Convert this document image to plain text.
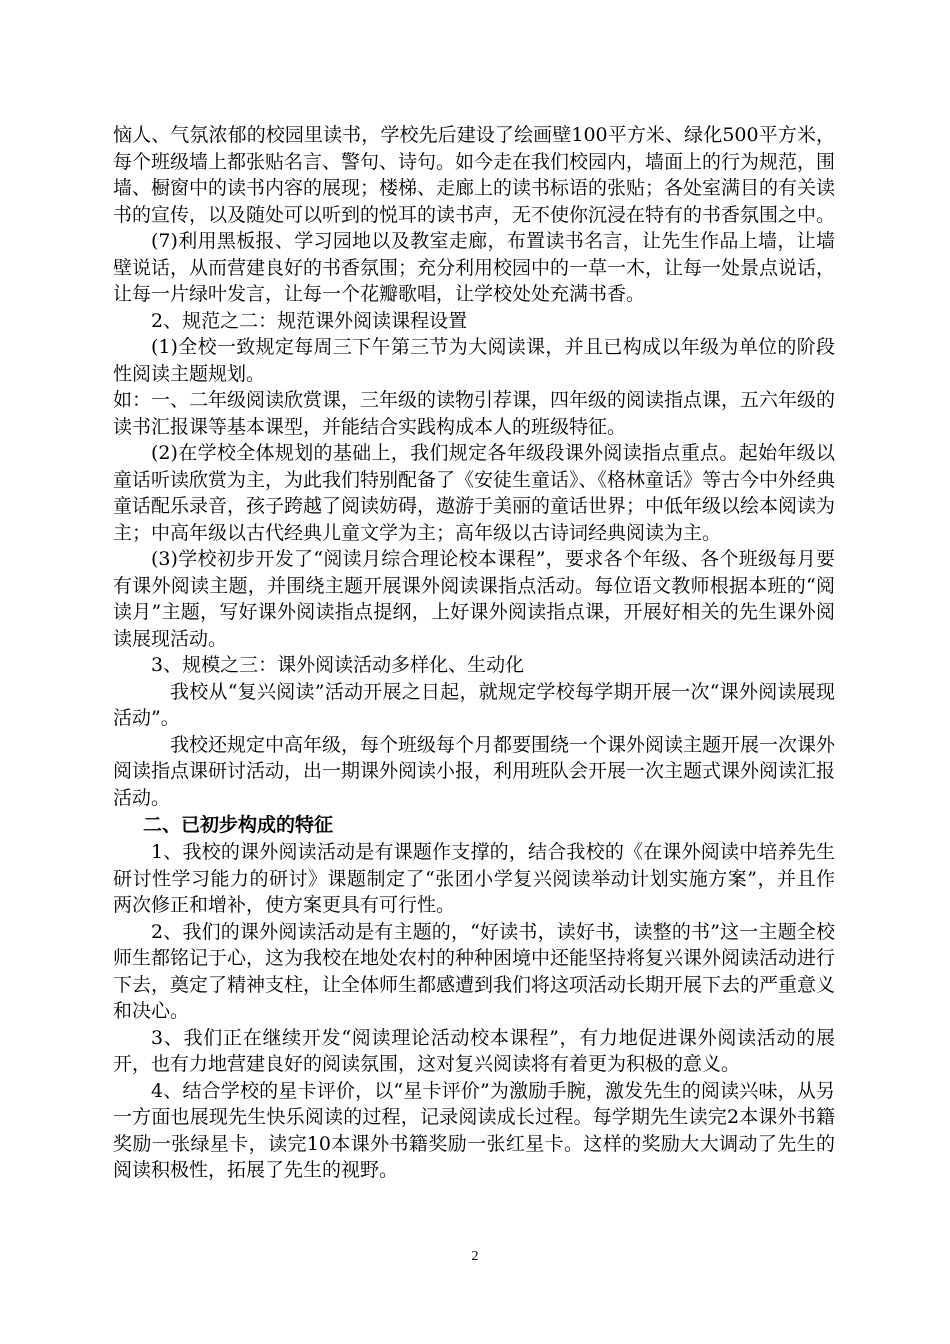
恼人、气氛浓郁的校园里读书，学校先后建设了绘画壁100平方米、绿化500平方米，每个班级墙上都张贴名言、警句、诗句。如今走在我们校园内，墙面上的行为规范，围墙、橱窗中的读书内容的展现；楼梯、走廊上的读书标语的张贴；各处室满目的有关读书的宣传，以及随处可以听到的悦耳的读书声，无不使你沉浸在特有的书香氛围之中。

(7)利用黑板报、学习园地以及教室走廊，布置读书名言，让先生作品上墙，让墙壁说话，从而营建良好的书香氛围；充分利用校园中的一草一木，让每一处景点说话，让每一片绿叶发言，让每一个花瓣歌唱，让学校处处充满书香。

2、规范之二：规范课外阅读课程设置

(1)全校一致规定每周三下午第三节为大阅读课，并且已构成以年级为单位的阶段性阅读主题规划。

如：一、二年级阅读欣赏课，三年级的读物引荐课，四年级的阅读指点课，五六年级的读书汇报课等基本课型，并能结合实践构成本人的班级特征。

(2)在学校全体规划的基础上，我们规定各年级段课外阅读指点重点。起始年级以童话听读欣赏为主，为此我们特别配备了《安徒生童话》、《格林童话》等古今中外经典童话配乐录音，孩子跨越了阅读妨碍，遨游于美丽的童话世界；中低年级以绘本阅读为主；中高年级以古代经典儿童文学为主；高年级以古诗词经典阅读为主。

(3)学校初步开发了“阅读月综合理论校本课程”，要求各个年级、各个班级每月要有课外阅读主题，并围绕主题开展课外阅读课指点活动。每位语文教师根据本班的“阅读月”主题，写好课外阅读指点提纲，上好课外阅读指点课，开展好相关的先生课外阅读展现活动。

3、规模之三：课外阅读活动多样化、生动化

我校从“复兴阅读”活动开展之日起，就规定学校每学期开展一次“课外阅读展现活动”。

我校还规定中高年级，每个班级每个月都要围绕一个课外阅读主题开展一次课外阅读指点课研讨活动，出一期课外阅读小报，利用班队会开展一次主题式课外阅读汇报活动。

二、已初步构成的特征

1、我校的课外阅读活动是有课题作支撑的，结合我校的《在课外阅读中培养先生研讨性学习能力的研讨》课题制定了“张团小学复兴阅读举动计划实施方案”，并且作两次修正和增补，使方案更具有可行性。

2、我们的课外阅读活动是有主题的，“好读书，读好书，读整的书”这一主题全校师生都铭记于心，这为我校在地处农村的种种困境中还能坚持将复兴课外阅读活动进行下去，奠定了精神支柱，让全体师生都感遭到我们将这项活动长期开展下去的严重意义和决心。

3、我们正在继续开发“阅读理论活动校本课程”，有力地促进课外阅读活动的展开，也有力地营建良好的阅读氛围，这对复兴阅读将有着更为积极的意义。

4、结合学校的星卡评价，以“星卡评价”为激励手腕，激发先生的阅读兴味，从另一方面也展现先生快乐阅读的过程，记录阅读成长过程。每学期先生读完2本课外书籍奖励一张绿星卡，读完10本课外书籍奖励一张红星卡。这样的奖励大大调动了先生的阅读积极性，拓展了先生的视野。

2
